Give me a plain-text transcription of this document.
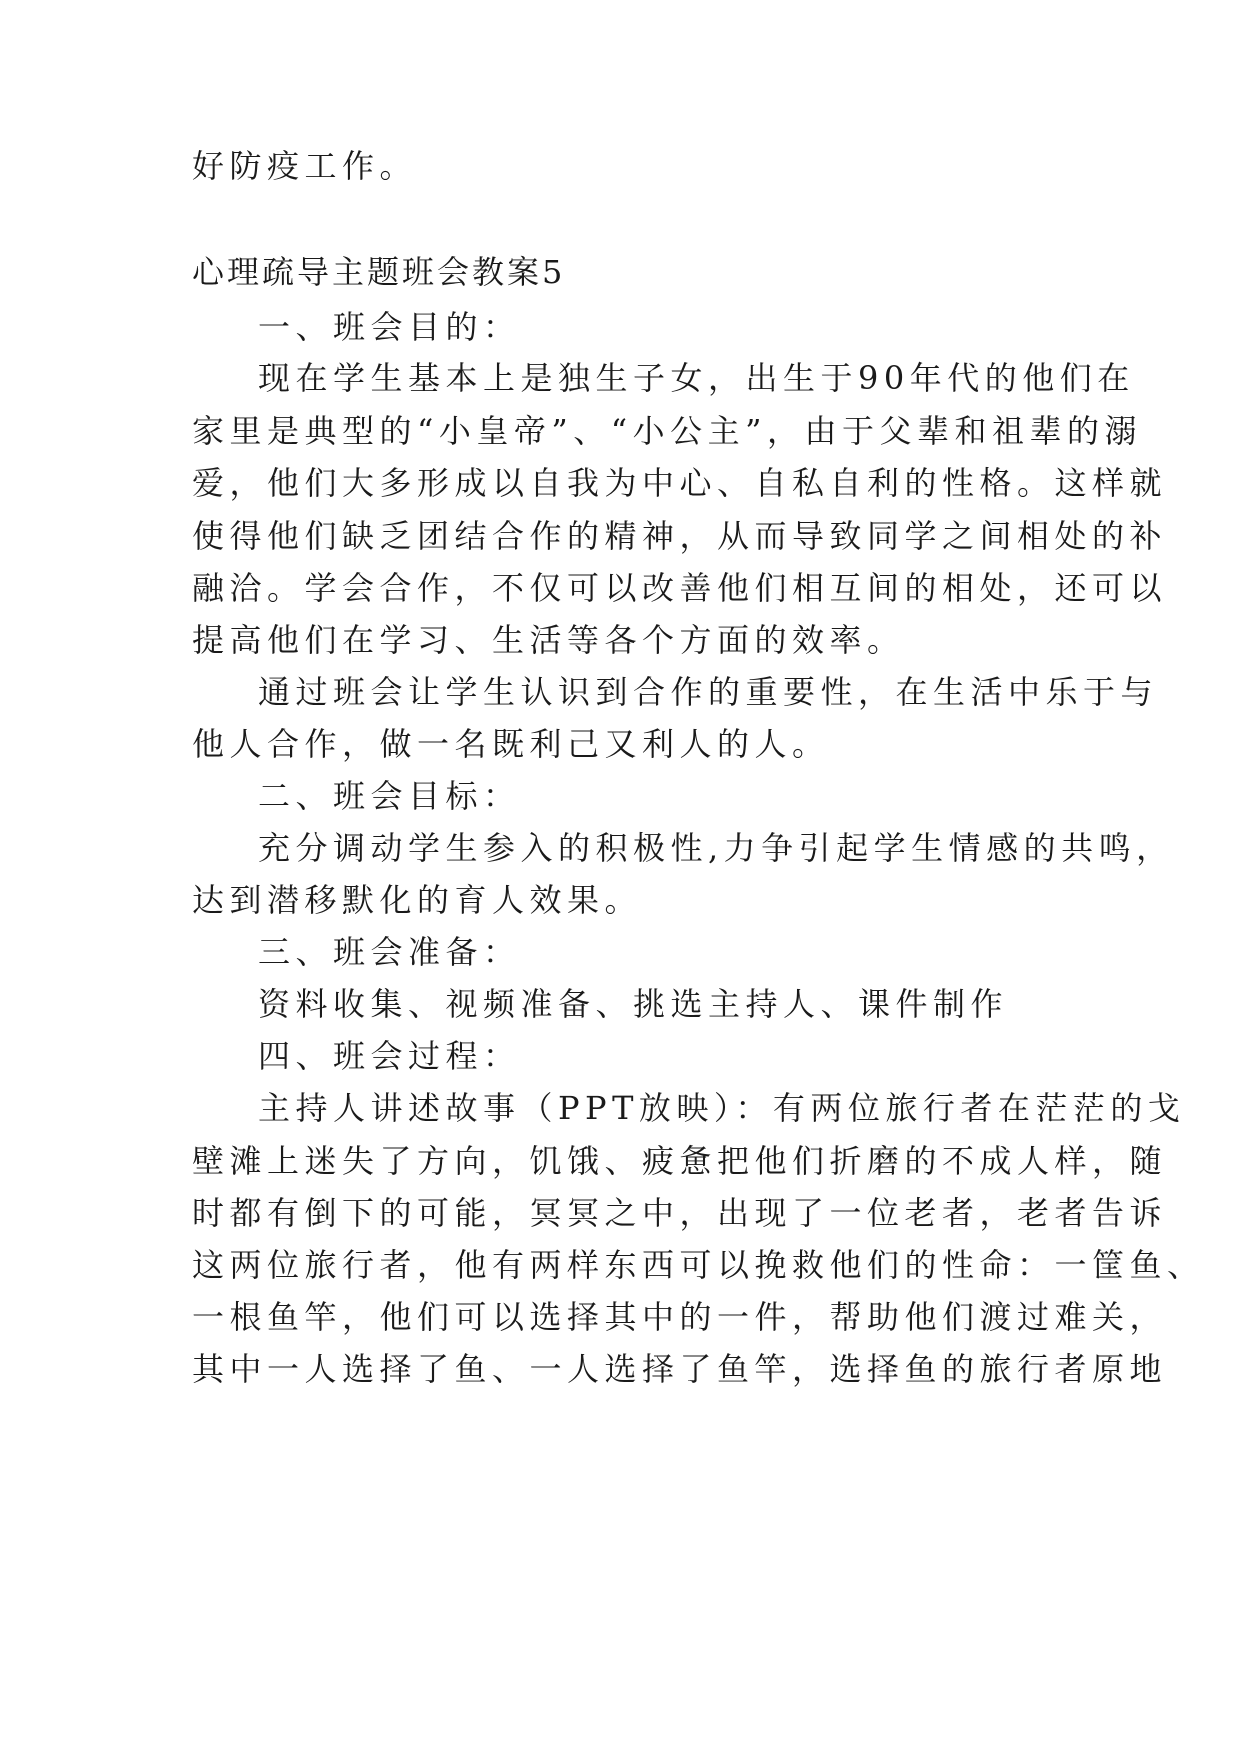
好防疫工作。
心理疏导主题班会教案5
一、班会目的：
现在学生基本上是独生子女，出生于90年代的他们在
家里是典型的“小皇帝”、“小公主”，由于父辈和祖辈的溺
爱，他们大多形成以自我为中心、自私自利的性格。这样就
使得他们缺乏团结合作的精神，从而导致同学之间相处的补
融洽。学会合作，不仅可以改善他们相互间的相处，还可以
提高他们在学习、生活等各个方面的效率。
通过班会让学生认识到合作的重要性，在生活中乐于与
他人合作，做一名既利己又利人的人。
二、班会目标：
充分调动学生参入的积极性,力争引起学生情感的共鸣，
达到潜移默化的育人效果。
三、班会准备：
资料收集、视频准备、挑选主持人、课件制作
四、班会过程：
主持人讲述故事（PPT放映）：有两位旅行者在茫茫的戈
壁滩上迷失了方向，饥饿、疲惫把他们折磨的不成人样，随
时都有倒下的可能，冥冥之中，出现了一位老者，老者告诉
这两位旅行者，他有两样东西可以挽救他们的性命：一筐鱼、
一根鱼竿，他们可以选择其中的一件，帮助他们渡过难关，
其中一人选择了鱼、一人选择了鱼竿，选择鱼的旅行者原地
